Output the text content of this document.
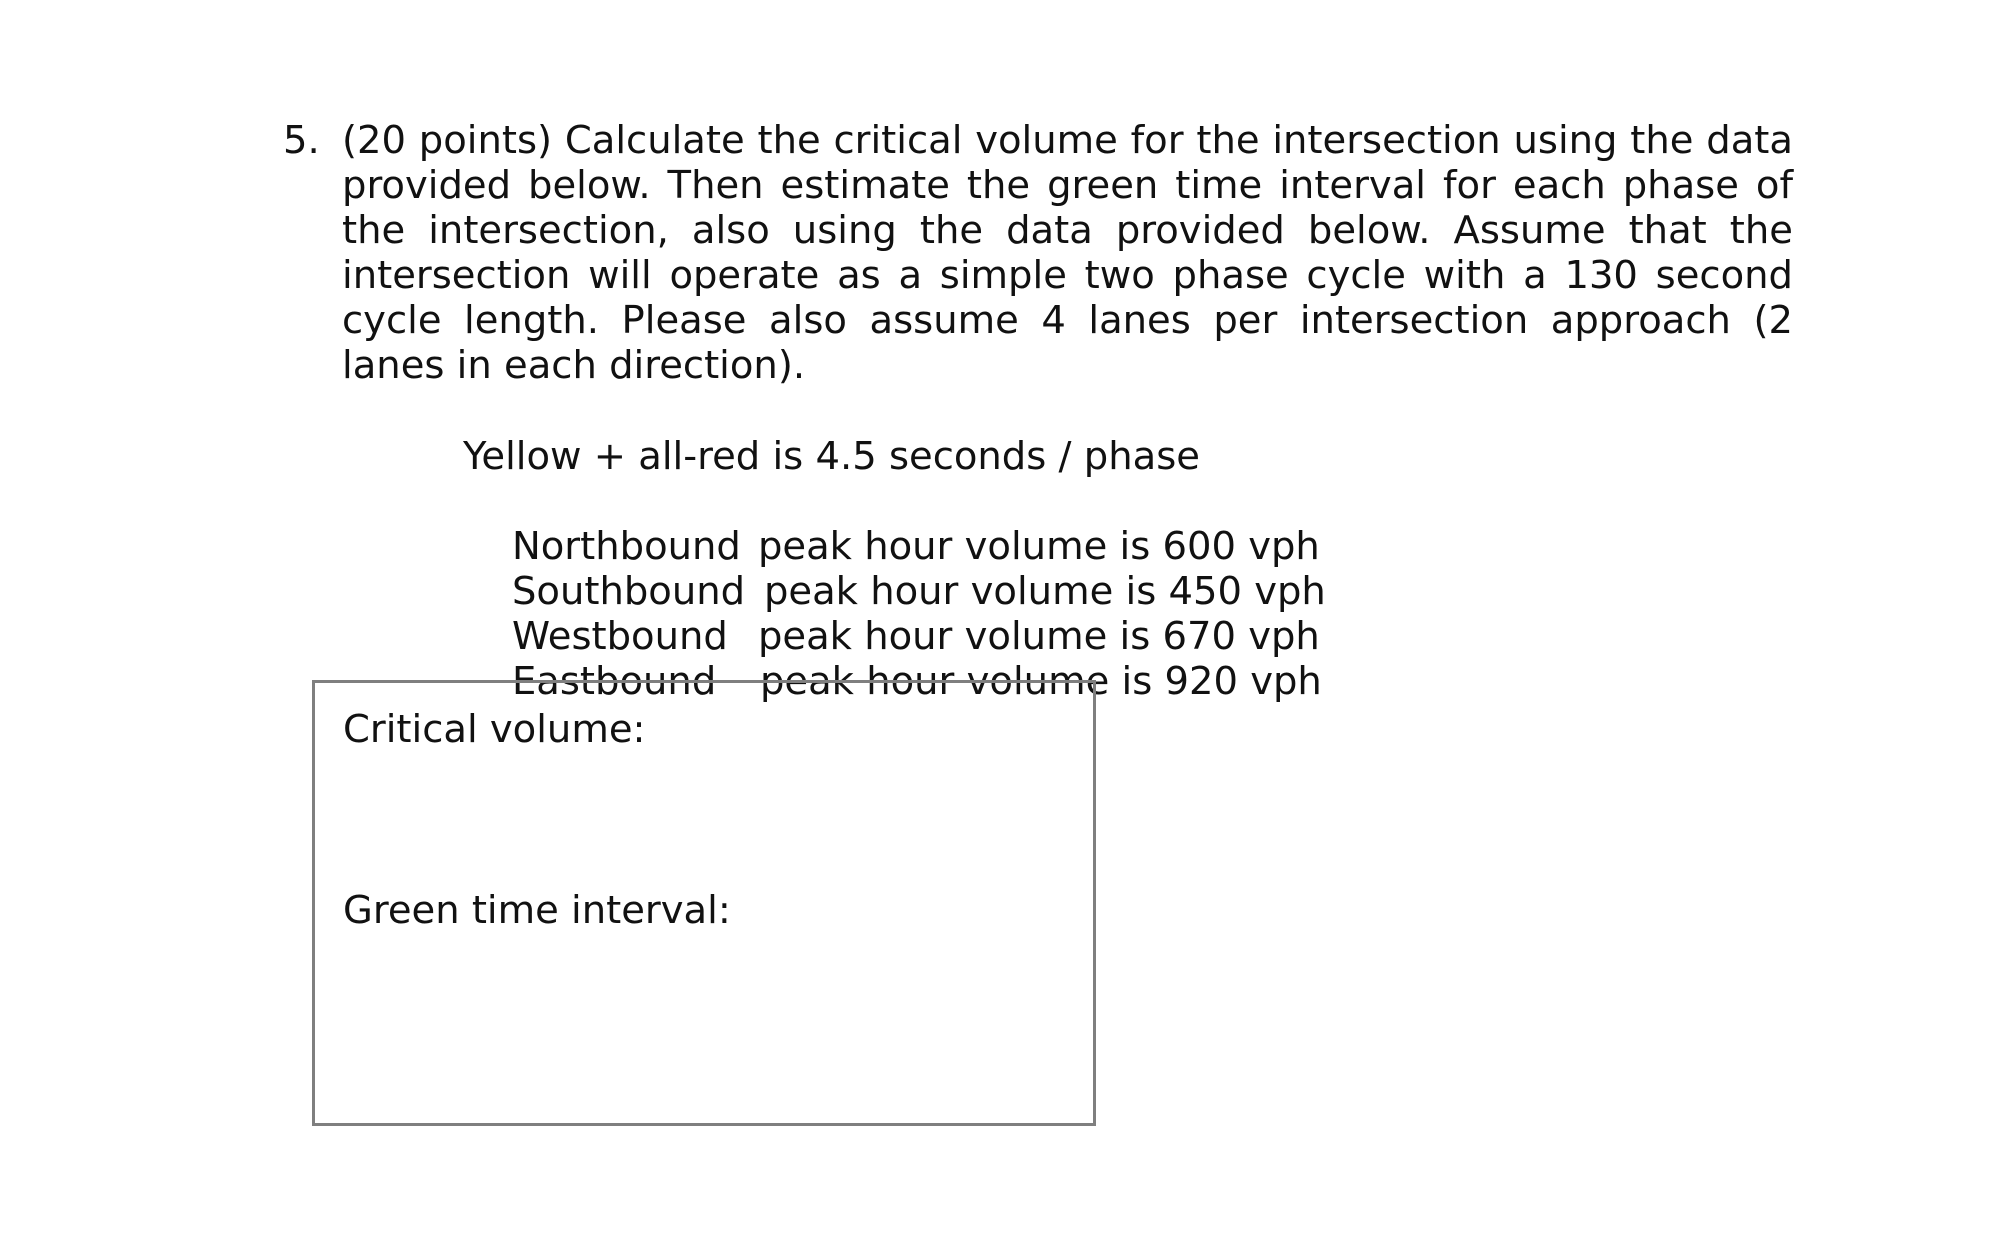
5. (20 points) Calculate the critical volume for the intersection using the data provided below. Then estimate the green time interval for each phase of the intersection, also using the data provided below. Assume that the intersection will operate as a simple two phase cycle with a 130 second cycle length. Please also assume 4 lanes per intersection approach (2 lanes in each direction).
Yellow + all-red is 4.5 seconds / phase

Northbound peak hour volume is 600 vph

Southbound peak hour volume is 450 vph

Westbound peak hour volume is 670 vph

Eastbound peak hour volume is 920 vph

Critical volume:
Green time interval:
